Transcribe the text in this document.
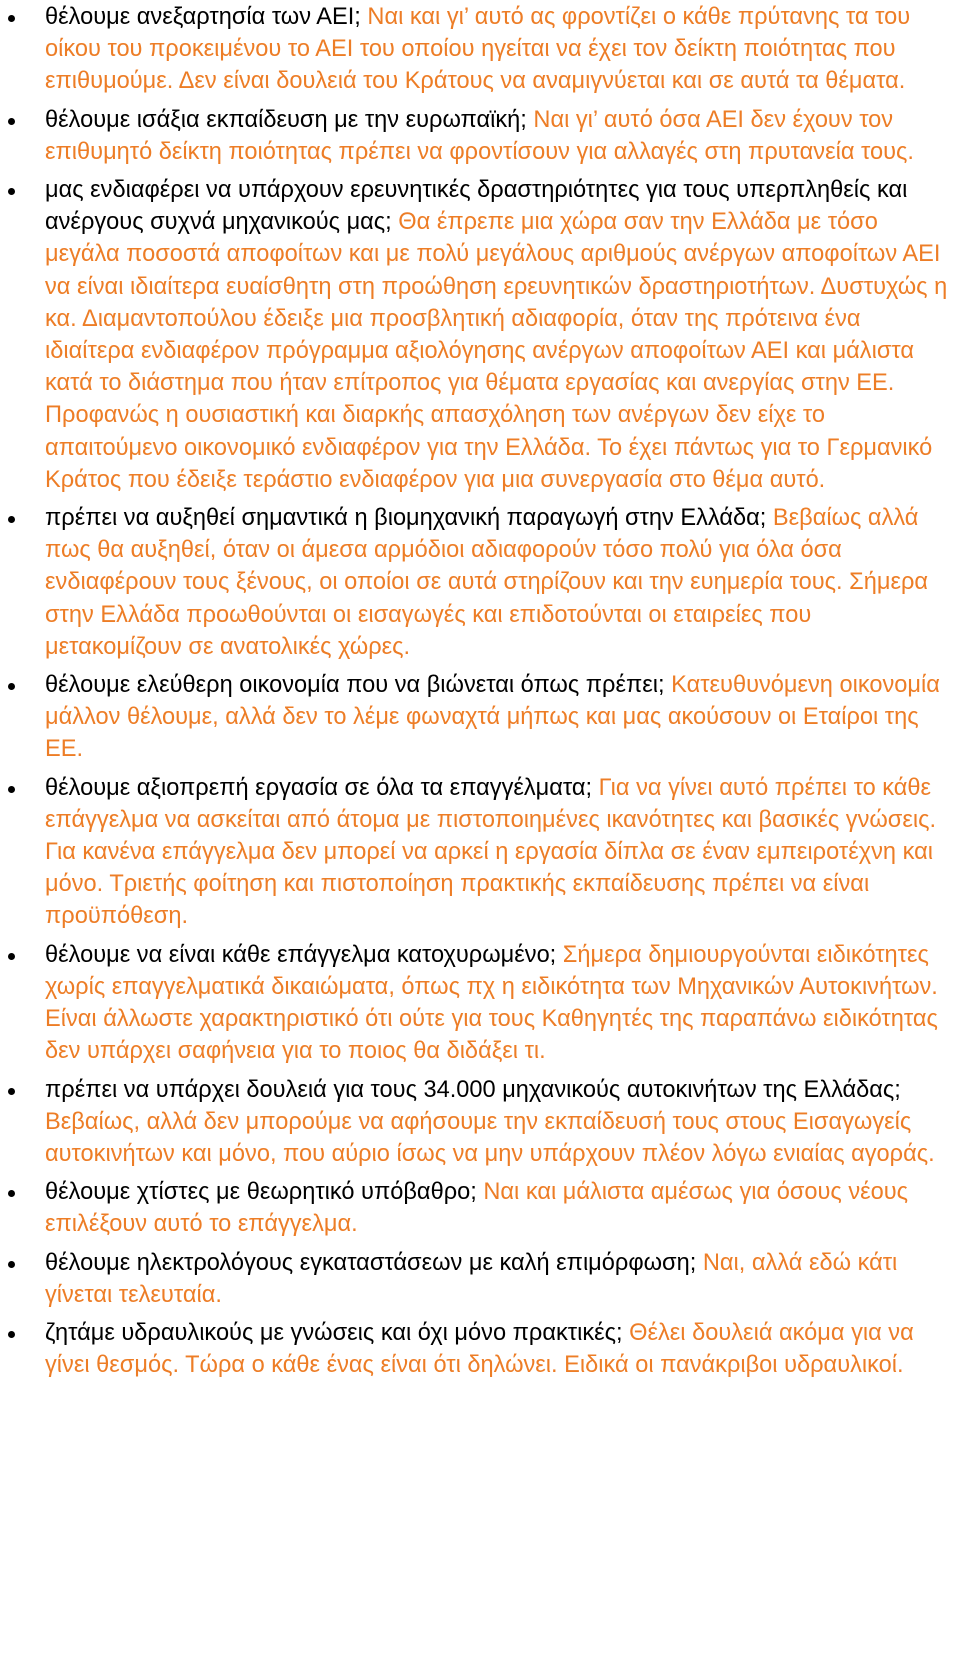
θέλουμε ανεξαρτησία των ΑΕΙ; Ναι και γι’ αυτό ας φροντίζει ο κάθε πρύτανης τα του οίκου του προκειμένου το ΑΕΙ του οποίου ηγείται να έχει τον δείκτη ποιότητας που επιθυμούμε. Δεν είναι δουλειά του Κράτους να αναμιγνύεται και σε αυτά τα θέματα.
θέλουμε ισάξια εκπαίδευση με την ευρωπαϊκή; Ναι γι’ αυτό όσα ΑΕΙ δεν έχουν τον επιθυμητό δείκτη ποιότητας πρέπει να φροντίσουν για αλλαγές στη πρυτανεία τους.
μας ενδιαφέρει να υπάρχουν ερευνητικές δραστηριότητες για τους υπερπληθείς και ανέργους συχνά μηχανικούς μας; Θα έπρεπε μια χώρα σαν την Ελλάδα με τόσο μεγάλα ποσοστά αποφοίτων και με πολύ μεγάλους αριθμούς ανέργων αποφοίτων ΑΕΙ να είναι ιδιαίτερα ευαίσθητη στη προώθηση ερευνητικών δραστηριοτήτων. Δυστυχώς η κα. Διαμαντοπούλου έδειξε μια προσβλητική αδιαφορία, όταν της πρότεινα ένα ιδιαίτερα ενδιαφέρον πρόγραμμα αξιολόγησης ανέργων αποφοίτων ΑΕΙ και μάλιστα κατά το διάστημα που ήταν επίτροπος για θέματα εργασίας και ανεργίας στην ΕΕ. Προφανώς η ουσιαστική και διαρκής απασχόληση των ανέργων δεν είχε το απαιτούμενο οικονομικό ενδιαφέρον για την Ελλάδα. Το έχει πάντως για το Γερμανικό Κράτος που έδειξε τεράστιο ενδιαφέρον για μια συνεργασία στο θέμα αυτό.
πρέπει να αυξηθεί σημαντικά η βιομηχανική παραγωγή στην Ελλάδα; Βεβαίως αλλά πως θα αυξηθεί, όταν οι άμεσα αρμόδιοι αδιαφορούν τόσο πολύ για όλα όσα ενδιαφέρουν τους ξένους, οι οποίοι σε αυτά στηρίζουν και την ευημερία τους. Σήμερα στην Ελλάδα προωθούνται οι εισαγωγές και επιδοτούνται οι εταιρείες που μετακομίζουν σε ανατολικές χώρες.
θέλουμε ελεύθερη οικονομία που να βιώνεται όπως πρέπει; Κατευθυνόμενη οικονομία μάλλον θέλουμε, αλλά δεν το λέμε φωναχτά μήπως και μας ακούσουν οι Εταίροι της ΕΕ.
θέλουμε αξιοπρεπή εργασία σε όλα τα επαγγέλματα; Για να γίνει αυτό πρέπει το κάθε επάγγελμα να ασκείται από άτομα με πιστοποιημένες ικανότητες και βασικές γνώσεις. Για κανένα επάγγελμα δεν μπορεί να αρκεί η εργασία δίπλα σε έναν εμπειροτέχνη και μόνο. Τριετής φοίτηση και πιστοποίηση πρακτικής εκπαίδευσης πρέπει να είναι προϋπόθεση.
θέλουμε να είναι κάθε επάγγελμα κατοχυρωμένο; Σήμερα δημιουργούνται ειδικότητες χωρίς επαγγελματικά δικαιώματα, όπως πχ η ειδικότητα των Μηχανικών Αυτοκινήτων. Είναι άλλωστε χαρακτηριστικό ότι ούτε για τους Καθηγητές της παραπάνω ειδικότητας δεν υπάρχει σαφήνεια για το ποιος θα διδάξει τι.
πρέπει να υπάρχει δουλειά για τους 34.000 μηχανικούς αυτοκινήτων της Ελλάδας; Βεβαίως, αλλά δεν μπορούμε να αφήσουμε την εκπαίδευσή τους στους Εισαγωγείς αυτοκινήτων και μόνο, που αύριο ίσως να μην υπάρχουν πλέον λόγω ενιαίας αγοράς.
θέλουμε χτίστες με θεωρητικό υπόβαθρο; Ναι και μάλιστα αμέσως για όσους νέους επιλέξουν αυτό το επάγγελμα.
θέλουμε ηλεκτρολόγους εγκαταστάσεων με καλή επιμόρφωση; Ναι, αλλά εδώ κάτι γίνεται τελευταία.
ζητάμε υδραυλικούς με γνώσεις και όχι μόνο πρακτικές; Θέλει δουλειά ακόμα για να γίνει θεσμός. Τώρα ο κάθε ένας είναι ότι δηλώνει. Ειδικά οι πανάκριβοι υδραυλικοί.
